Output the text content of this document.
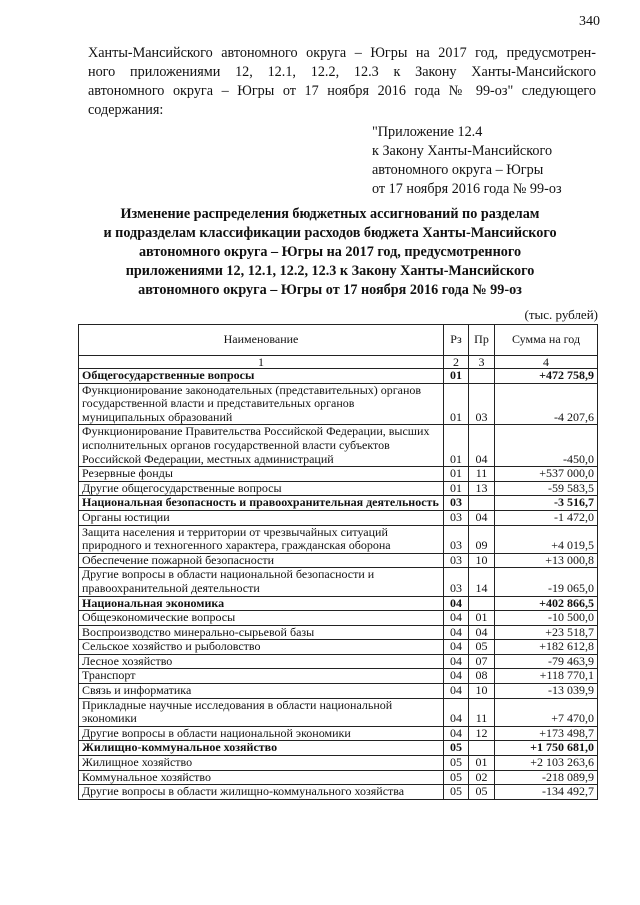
340
Ханты-Мансийского автономного округа – Югры на 2017 год, предусмотрен-
ного приложениями 12, 12.1, 12.2, 12.3 к Закону Ханты-Мансийского
автономного округа – Югры от 17 ноября 2016 года № 99-оз" следующего
содержания:
"Приложение 12.4
к Закону Ханты-Мансийского
автономного округа – Югры
от 17 ноября 2016 года № 99-оз
Изменение распределения бюджетных ассигнований по разделам
и подразделам классификации расходов бюджета Ханты-Мансийского
автономного округа – Югры на 2017 год, предусмотренного
приложениями 12, 12.1, 12.2, 12.3 к Закону Ханты-Мансийского
автономного округа – Югры от 17 ноября 2016 года № 99-оз
(тыс. рублей)
Наименование	Рз	Пр	Сумма на год
1	2	3	4
Общегосударственные вопросы	01		+472 758,9
Функционирование законодательных (представительных) органов государственной власти и представительных органов муниципальных образований	01	03	-4 207,6
Функционирование Правительства Российской Федерации, высших исполнительных органов государственной власти субъектов Российской Федерации, местных администраций	01	04	-450,0
Резервные фонды	01	11	+537 000,0
Другие общегосударственные вопросы	01	13	-59 583,5
Национальная безопасность и правоохранительная деятельность	03		-3 516,7
Органы юстиции	03	04	-1 472,0
Защита населения и территории от чрезвычайных ситуаций природного и техногенного характера, гражданская оборона	03	09	+4 019,5
Обеспечение пожарной безопасности	03	10	+13 000,8
Другие вопросы в области национальной безопасности и правоохранительной деятельности	03	14	-19 065,0
Национальная экономика	04		+402 866,5
Общеэкономические вопросы	04	01	-10 500,0
Воспроизводство минерально-сырьевой базы	04	04	+23 518,7
Сельское хозяйство и рыболовство	04	05	+182 612,8
Лесное хозяйство	04	07	-79 463,9
Транспорт	04	08	+118 770,1
Связь и информатика	04	10	-13 039,9
Прикладные научные исследования в области национальной экономики	04	11	+7 470,0
Другие вопросы в области национальной экономики	04	12	+173 498,7
Жилищно-коммунальное хозяйство	05		+1 750 681,0
Жилищное хозяйство	05	01	+2 103 263,6
Коммунальное хозяйство	05	02	-218 089,9
Другие вопросы в области жилищно-коммунального хозяйства	05	05	-134 492,7
